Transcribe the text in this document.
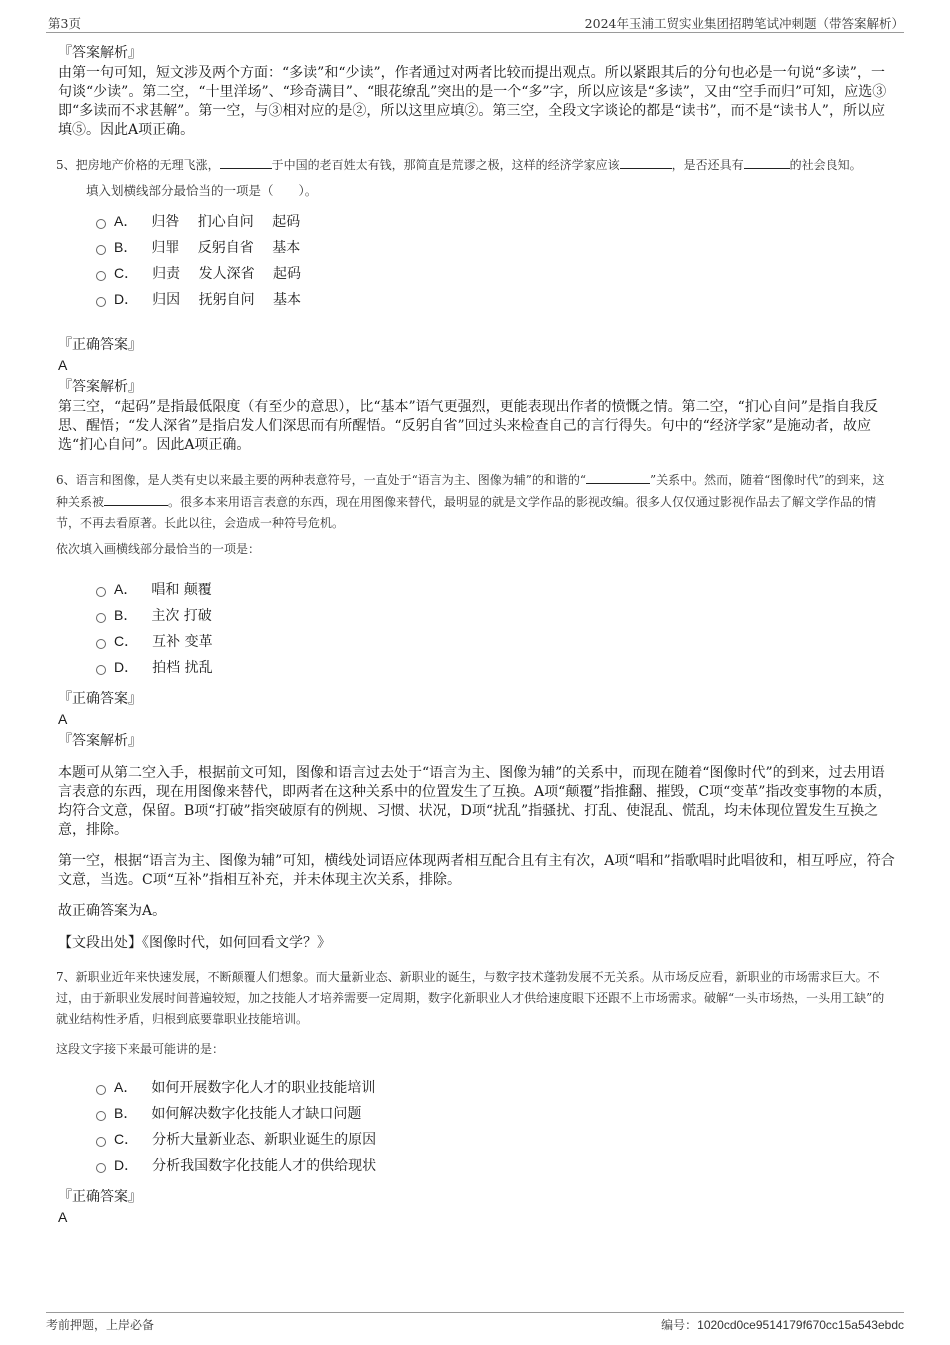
第3页	2024年玉浦工贸实业集团招聘笔试冲刺题（带答案解析）
『答案解析』
由第一句可知，短文涉及两个方面：“多读”和“少读”，作者通过对两者比较而提出观点。所以紧跟其后的分句也必是一句说“多读”，一句谈“少读”。第二空，“十里洋场”、“珍奇满目”、“眼花缭乱”突出的是一个“多”字，所以应该是“多读”，又由“空手而归”可知，应选③即“多读而不求甚解”。第一空，与③相对应的是②，所以这里应填②。第三空，全段文字谈论的都是“读书”，而不是“读书人”，所以应填⑤。因此A项正确。
5、把房地产价格的无理飞涨，	于中国的老百姓太有钱，那简直是荒谬之极，这样的经济学家应该	，是否还具有	的社会良知。
填入划横线部分最恰当的一项是（　　）。
A． 归咎　 扪心自问　 起码
B． 归罪　 反躬自省　 基本
C． 归责　 发人深省　 起码
D． 归因　 抚躬自问　 基本
『正确答案』
A
『答案解析』
第三空，“起码”是指最低限度（有至少的意思），比“基本”语气更强烈，更能表现出作者的愤慨之情。第二空，“扪心自问”是指自我反思、醒悟；“发人深省”是指启发人们深思而有所醒悟。“反躬自省”回过头来检查自己的言行得失。句中的“经济学家”是施动者，故应选“扪心自问”。因此A项正确。
6、语言和图像，是人类有史以来最主要的两种表意符号，一直处于“语言为主、图像为辅”的和谐的“	”关系中。然而，随着“图像时代”的到来，这种关系被	。很多本来用语言表意的东西，现在用图像来替代，最明显的就是文学作品的影视改编。很多人仅仅通过影视作品去了解文学作品的情节，不再去看原著。长此以往，会造成一种符号危机。
依次填入画横线部分最恰当的一项是：
A． 唱和 颠覆
B． 主次 打破
C． 互补 变革
D． 拍档 扰乱
『正确答案』
A
『答案解析』
本题可从第二空入手，根据前文可知，图像和语言过去处于“语言为主、图像为辅”的关系中，而现在随着“图像时代”的到来，过去用语言表意的东西，现在用图像来替代，即两者在这种关系中的位置发生了互换。A项“颠覆”指推翻、摧毁，C项“变革”指改变事物的本质，均符合文意，保留。B项“打破”指突破原有的例规、习惯、状况，D项“扰乱”指骚扰、打乱、使混乱、慌乱，均未体现位置发生互换之意，排除。
第一空，根据“语言为主、图像为辅”可知，横线处词语应体现两者相互配合且有主有次，A项“唱和”指歌唱时此唱彼和，相互呼应，符合文意，当选。C项“互补”指相互补充，并未体现主次关系，排除。
故正确答案为A。
【文段出处】《图像时代，如何回看文学？》
7、新职业近年来快速发展，不断颠覆人们想象。而大量新业态、新职业的诞生，与数字技术蓬勃发展不无关系。从市场反应看，新职业的市场需求巨大。不过，由于新职业发展时间普遍较短，加之技能人才培养需要一定周期，数字化新职业人才供给速度眼下还跟不上市场需求。破解“一头市场热，一头用工缺”的就业结构性矛盾，归根到底要靠职业技能培训。
这段文字接下来最可能讲的是：
A． 如何开展数字化人才的职业技能培训
B． 如何解决数字化技能人才缺口问题
C． 分析大量新业态、新职业诞生的原因
D． 分析我国数字化技能人才的供给现状
『正确答案』
A
考前押题，上岸必备	编号：1020cd0ce9514179f670cc15a543ebdc
